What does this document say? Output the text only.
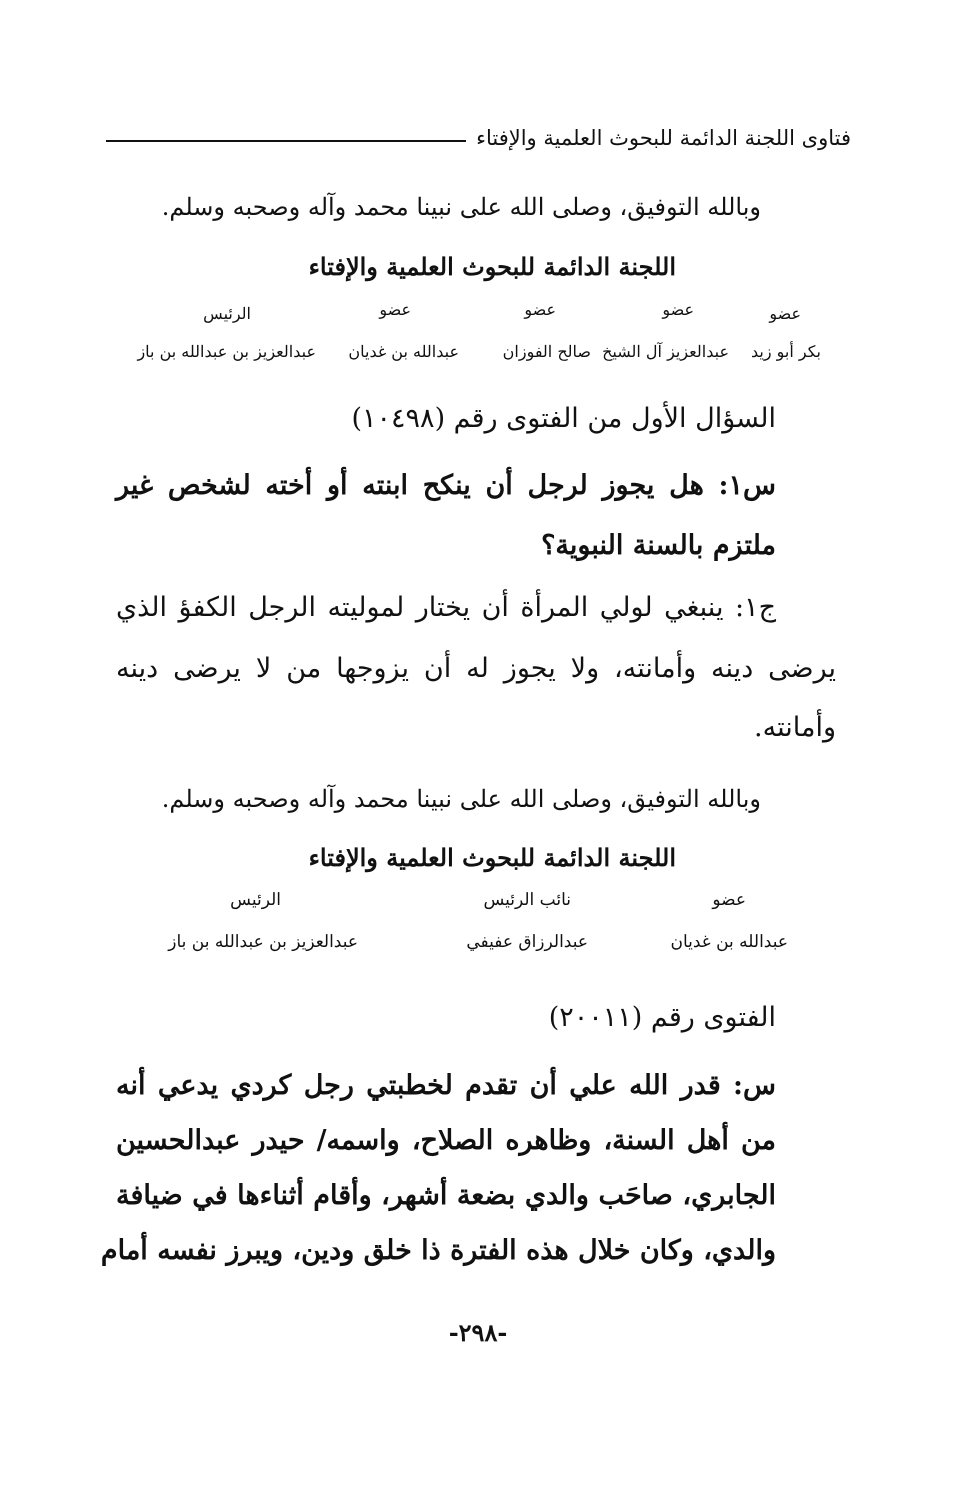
فتاوى اللجنة الدائمة للبحوث العلمية والإفتاء
وبالله التوفيق، وصلى الله على نبينا محمد وآله وصحبه وسلم.
اللجنة الدائمة للبحوث العلمية والإفتاء
عضو
عضو
عضو
عضو
الرئيس
بكر أبو زيد
عبدالعزيز آل الشيخ
صالح الفوزان
عبدالله بن غديان
عبدالعزيز بن عبدالله بن باز
السؤال الأول من الفتوى رقم (١٠٤٩٨)
س١: هل يجوز لرجل أن ينكح ابنته أو أخته لشخص غير
ملتزم بالسنة النبوية؟
ج١: ينبغي لولي المرأة أن يختار لموليته الرجل الكفؤ الذي
يرضى دينه وأمانته، ولا يجوز له أن يزوجها من لا يرضى دينه
وأمانته.
وبالله التوفيق، وصلى الله على نبينا محمد وآله وصحبه وسلم.
اللجنة الدائمة للبحوث العلمية والإفتاء
عضو
نائب الرئيس
الرئيس
عبدالله بن غديان
عبدالرزاق عفيفي
عبدالعزيز بن عبدالله بن باز
الفتوى رقم (٢٠٠١١)
س: قدر الله علي أن تقدم لخطبتي رجل كردي يدعي أنه
من أهل السنة، وظاهره الصلاح، واسمه/ حيدر عبدالحسين
الجابري، صاحَب والدي بضعة أشهر، وأقام أثناءها في ضيافة
والدي، وكان خلال هذه الفترة ذا خلق ودين، ويبرز نفسه أمام
-٢٩٨-
